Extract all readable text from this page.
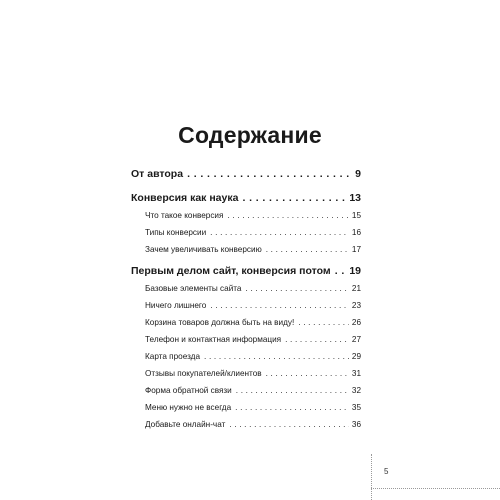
Содержание
От автора . . .	9
Конверсия как наука . . .	13
Что такое конверсия . . .	15
Типы конверсии . . .	16
Зачем увеличивать конверсию . . .	17
Первым делом сайт, конверсия потом . . . 19
Базовые элементы сайта . . .	21
Ничего лишнего . . .	23
Корзина товаров должна быть на виду! . . .	26
Телефон и контактная информация . . .	27
Карта проезда . . .	29
Отзывы покупателей/клиентов . . .	31
Форма обратной связи . . .	32
Меню нужно не всегда . . .	35
Добавьте онлайн-чат . . .	36
5
